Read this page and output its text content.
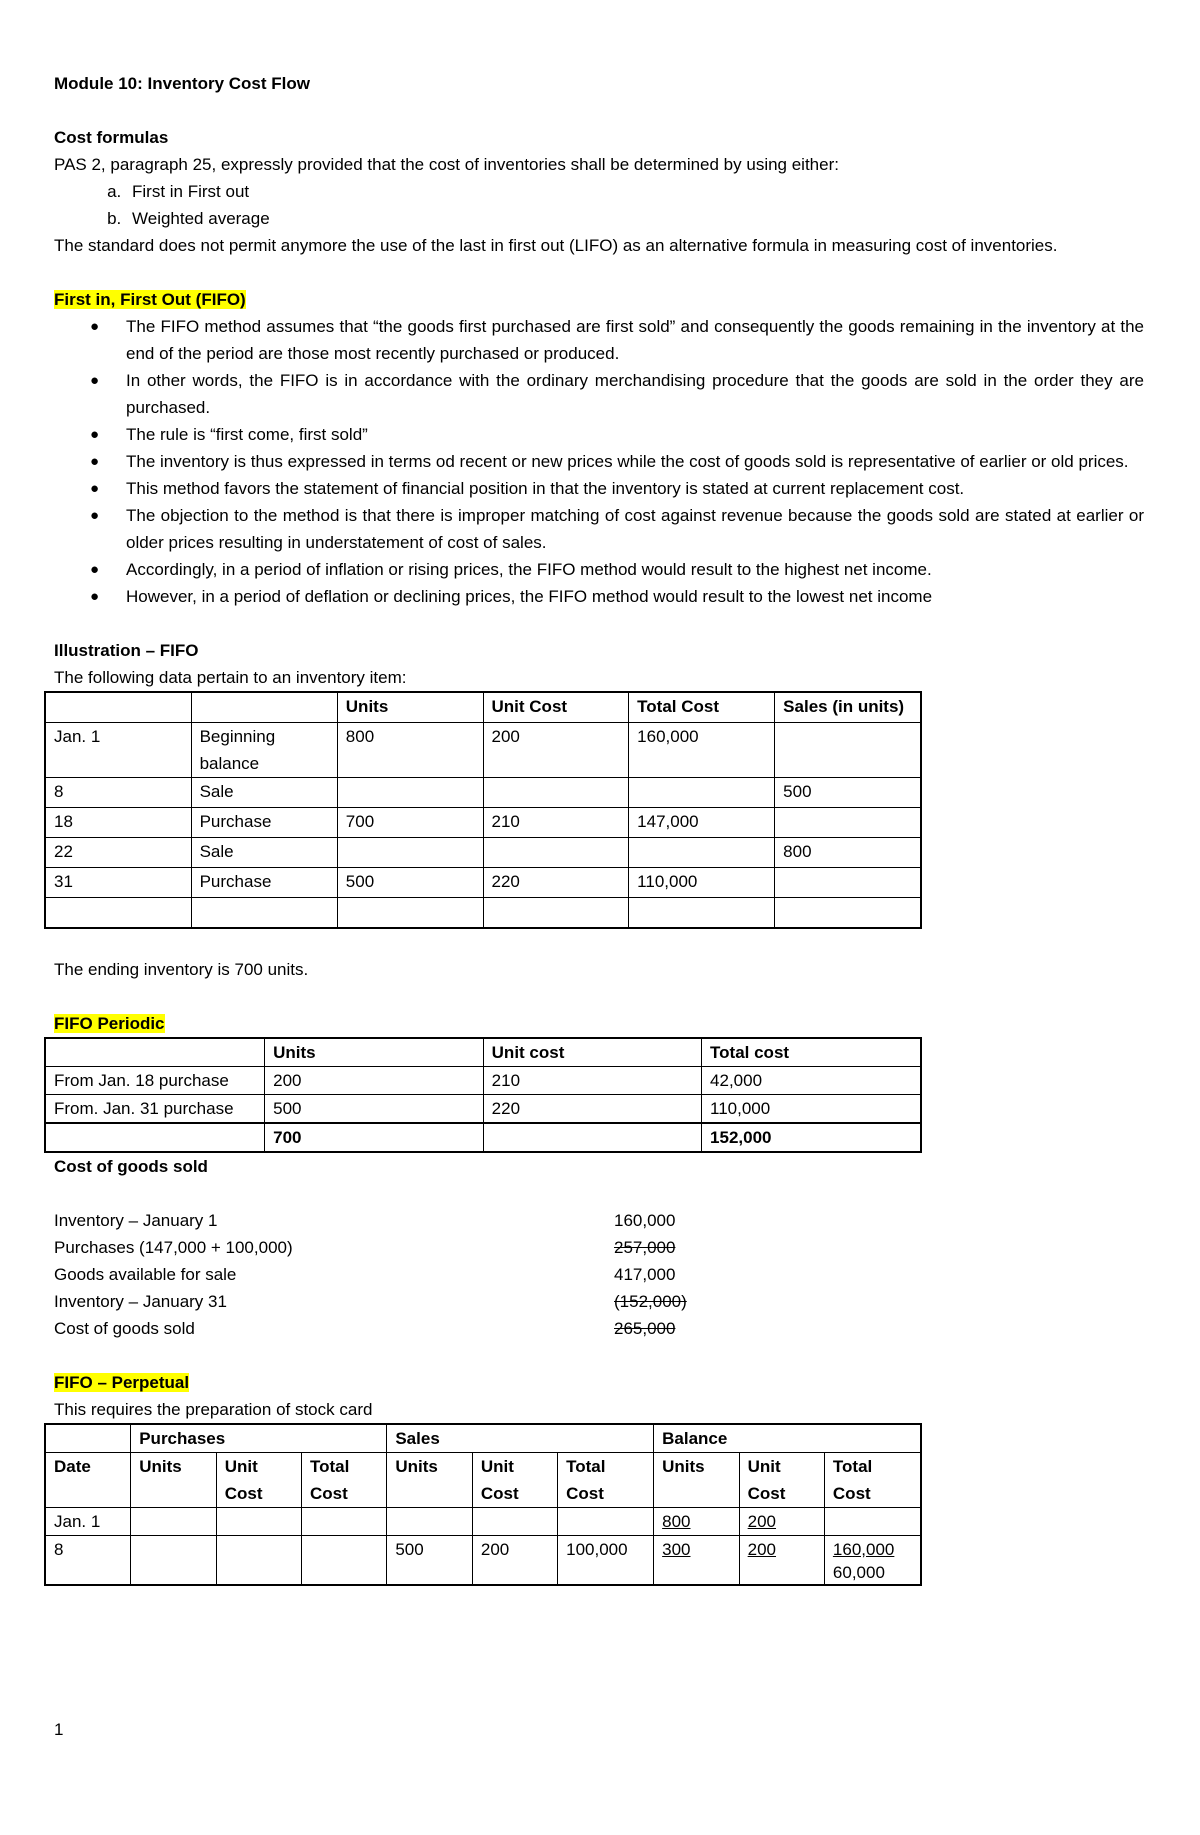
Module 10: Inventory Cost Flow

Cost formulas

PAS 2, paragraph 25, expressly provided that the cost of inventories shall be determined by using either:

a. First in First out
b. Weighted average

The standard does not permit anymore the use of the last in first out (LIFO) as an alternative formula in measuring cost of inventories.

First in, First Out (FIFO)

● The FIFO method assumes that “the goods first purchased are first sold” and consequently the goods remaining in the inventory at the end of the period are those most recently purchased or produced.
● In other words, the FIFO is in accordance with the ordinary merchandising procedure that the goods are sold in the order they are purchased.
● The rule is “first come, first sold”
● The inventory is thus expressed in terms od recent or new prices while the cost of goods sold is representative of earlier or old prices.
● This method favors the statement of financial position in that the inventory is stated at current replacement cost.
● The objection to the method is that there is improper matching of cost against revenue because the goods sold are stated at earlier or older prices resulting in understatement of cost of sales.
● Accordingly, in a period of inflation or rising prices, the FIFO method would result to the highest net income.
● However, in a period of deflation or declining prices, the FIFO method would result to the lowest net income

Illustration – FIFO

The following data pertain to an inventory item:

		Units	Unit Cost	Total Cost	Sales (in units)
Jan. 1	Beginning balance	800	200	160,000	
8	Sale				500
18	Purchase	700	210	147,000	
22	Sale				800
31	Purchase	500	220	110,000	

The ending inventory is 700 units.

FIFO Periodic

	Units	Unit cost	Total cost
From Jan. 18 purchase	200	210	42,000
From. Jan. 31 purchase	500	220	110,000
	700		152,000

Cost of goods sold

Inventory – January 1	160,000
Purchases (147,000 + 100,000)	257,000
Goods available for sale	417,000
Inventory – January 31	(152,000)
Cost of goods sold	265,000

FIFO – Perpetual

This requires the preparation of stock card

	Purchases			Sales			Balance		
Date	Units	Unit Cost	Total Cost	Units	Unit Cost	Total Cost	Units	Unit Cost	Total Cost
Jan. 1							800	200	
8				500	200	100,000	300	200	160,000
60,000

1
